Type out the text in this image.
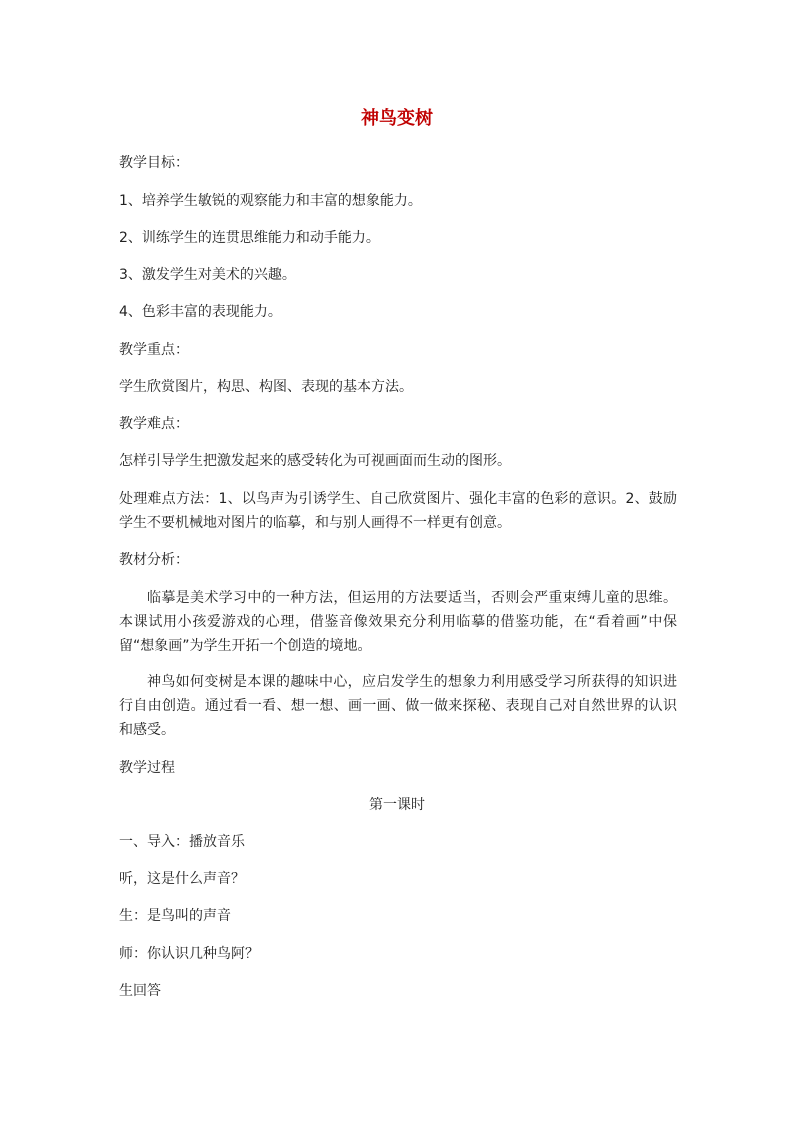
神鸟变树
教学目标：
1、培养学生敏锐的观察能力和丰富的想象能力。
2、训练学生的连贯思维能力和动手能力。
3、激发学生对美术的兴趣。
4、色彩丰富的表现能力。
教学重点：
学生欣赏图片，构思、构图、表现的基本方法。
教学难点：
怎样引导学生把激发起来的感受转化为可视画面而生动的图形。
处理难点方法：1、以鸟声为引诱学生、自己欣赏图片、强化丰富的色彩的意识。2、鼓励学生不要机械地对图片的临摹，和与别人画得不一样更有创意。
教材分析：
临摹是美术学习中的一种方法，但运用的方法要适当，否则会严重束缚儿童的思维。本课试用小孩爱游戏的心理，借鉴音像效果充分利用临摹的借鉴功能，在“看着画”中保留“想象画”为学生开拓一个创造的境地。
神鸟如何变树是本课的趣味中心，应启发学生的想象力利用感受学习所获得的知识进行自由创造。通过看一看、想一想、画一画、做一做来探秘、表现自己对自然世界的认识和感受。
教学过程
第一课时
一、导入：播放音乐
听，这是什么声音？
生：是鸟叫的声音
师：你认识几种鸟阿？
生回答
